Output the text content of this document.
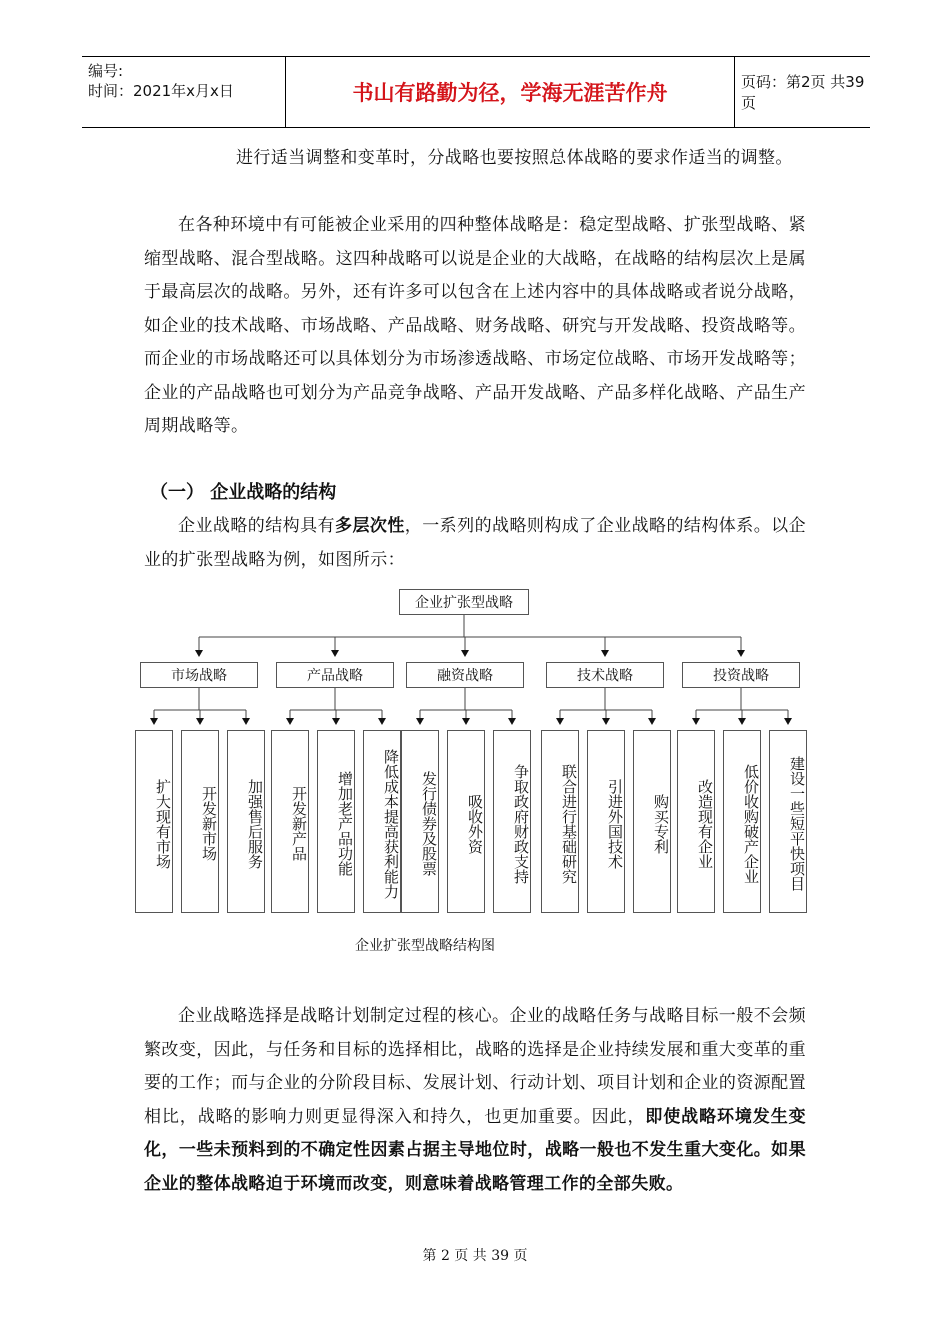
编号:
时间：2021年x月x日	书山有路勤为径，学海无涯苦作舟	页码：第2页 共39页
进行适当调整和变革时，分战略也要按照总体战略的要求作适当的调整。
在各种环境中有可能被企业采用的四种整体战略是：稳定型战略、扩张型战略、紧缩型战略、混合型战略。这四种战略可以说是企业的大战略，在战略的结构层次上是属于最高层次的战略。另外，还有许多可以包含在上述内容中的具体战略或者说分战略，如企业的技术战略、市场战略、产品战略、财务战略、研究与开发战略、投资战略等。而企业的市场战略还可以具体划分为市场渗透战略、市场定位战略、市场开发战略等；企业的产品战略也可划分为产品竞争战略、产品开发战略、产品多样化战略、产品生产周期战略等。
（一） 企业战略的结构
企业战略的结构具有多层次性，一系列的战略则构成了企业战略的结构体系。以企业的扩张型战略为例，如图所示：
企业扩张型战略
市场战略
扩大现有市场	开发新市场	加强售后服务
产品战略
开发新产品	增加老产品功能	降低成本提高获利能力
融资战略
发行债券及股票	吸收外资	争取政府财政支持
技术战略
联合进行基础研究	引进外国技术	购买专利
投资战略
改造现有企业	低价收购破产企业	建设一些短平快项目
企业扩张型战略结构图
企业战略选择是战略计划制定过程的核心。企业的战略任务与战略目标一般不会频繁改变，因此，与任务和目标的选择相比，战略的选择是企业持续发展和重大变革的重要的工作；而与企业的分阶段目标、发展计划、行动计划、项目计划和企业的资源配置相比，战略的影响力则更显得深入和持久，也更加重要。因此，即使战略环境发生变化，一些未预料到的不确定性因素占据主导地位时，战略一般也不发生重大变化。如果企业的整体战略迫于环境而改变，则意味着战略管理工作的全部失败。
第 2 页 共 39 页
